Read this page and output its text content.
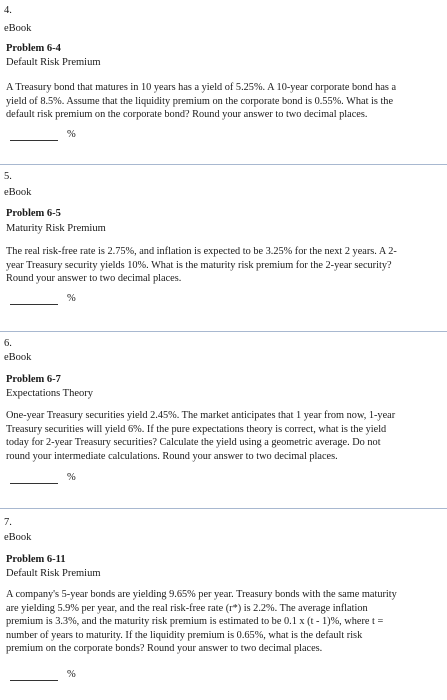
4.
eBook
Problem 6-4
Default Risk Premium
A Treasury bond that matures in 10 years has a yield of 5.25%. A 10-year corporate bond has a
yield of 8.5%. Assume that the liquidity premium on the corporate bond is 0.55%. What is the
default risk premium on the corporate bond? Round your answer to two decimal places.
%
5.
eBook
Problem 6-5
Maturity Risk Premium
The real risk-free rate is 2.75%, and inflation is expected to be 3.25% for the next 2 years. A 2-
year Treasury security yields 10%. What is the maturity risk premium for the 2-year security?
Round your answer to two decimal places.
%
6.
eBook
Problem 6-7
Expectations Theory
One-year Treasury securities yield 2.45%. The market anticipates that 1 year from now, 1-year
Treasury securities will yield 6%. If the pure expectations theory is correct, what is the yield
today for 2-year Treasury securities? Calculate the yield using a geometric average. Do not
round your intermediate calculations. Round your answer to two decimal places.
%
7.
eBook
Problem 6-11
Default Risk Premium
A company's 5-year bonds are yielding 9.65% per year. Treasury bonds with the same maturity
are yielding 5.9% per year, and the real risk-free rate (r*) is 2.2%. The average inflation
premium is 3.3%, and the maturity risk premium is estimated to be 0.1 x (t - 1)%, where t =
number of years to maturity. If the liquidity premium is 0.65%, what is the default risk
premium on the corporate bonds? Round your answer to two decimal places.
%
